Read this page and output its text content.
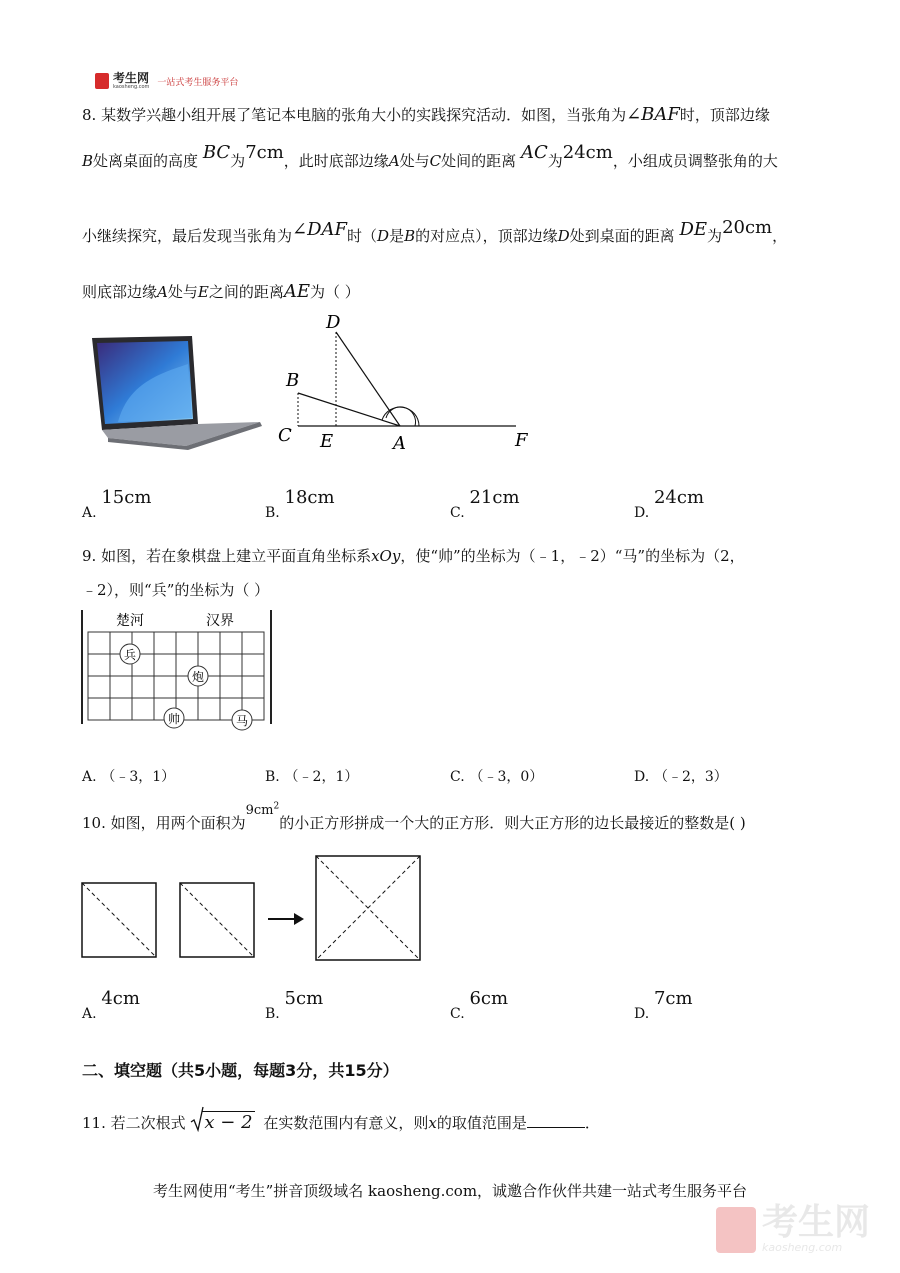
考生网
kaosheng.com 一站式考生服务平台
8. 某数学兴趣小组开展了笔记本电脑的张角大小的实践探究活动．如图，当张角为∠BAF时，顶部边缘
B处离桌面的高度 BC为7cm，此时底部边缘A处与C处间的距离 AC为24cm，小组成员调整张角的大
小继续探究，最后发现当张角为∠DAF时（D是B的对应点），顶部边缘D处到桌面的距离 DE为20cm，
则底部边缘A处与E之间的距离AE为（ ）
D
B
C E	A	F
A. 15cm
B. 18cm
C. 21cm
D. 24cm
9. 如图，若在象棋盘上建立平面直角坐标系xOy，使“帅”的坐标为（﹣1，﹣2）“马”的坐标为（2，
﹣2），则“兵”的坐标为（ ）
楚河	汉界
兵
炮
帅	马
A. （﹣3，1）	B. （﹣2，1）	C. （﹣3，0）	D. （﹣2，3）
10. 如图，用两个面积为$9cm^2$的小正方形拼成一个大的正方形．则大正方形的边长最接近的整数是( )
A. 4cm
B. 5cm
C. 6cm
D. 7cm
二、填空题（共5小题，每题3分，共15分）
11. 若二次根式 x − 2 在实数范围内有意义，则x的取值范围是	．
考生网使用“考生”拼音顶级域名 kaosheng.com，诚邀合作伙伴共建一站式考生服务平台
考生网
kaosheng.com
